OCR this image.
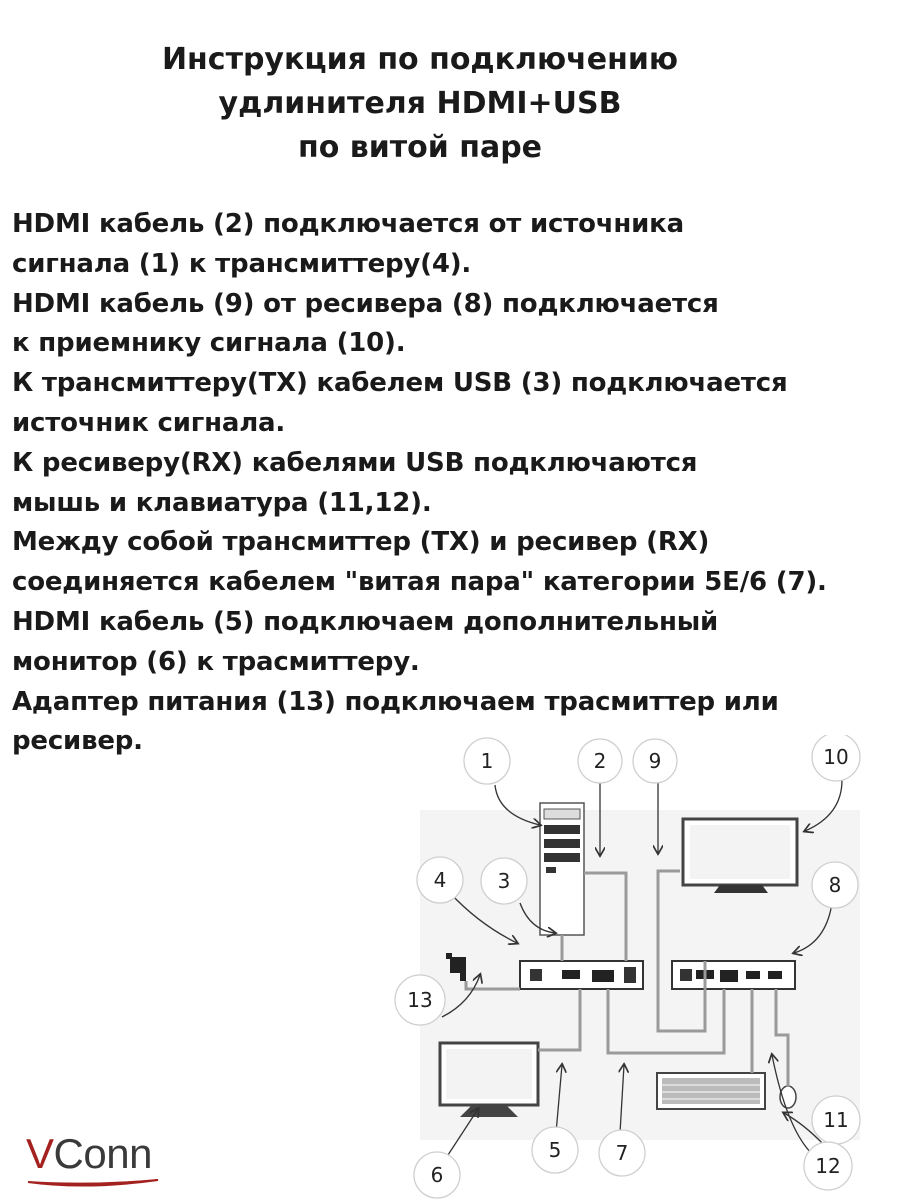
Инструкция по подключению
удлинителя HDMI+USB
по витой паре
HDMI кабель (2) подключается от источника
сигнала (1) к трансмиттеру(4).
HDMI кабель (9) от ресивера (8) подключается
к приемнику сигнала (10).
К трансмиттеру(TX) кабелем USB (3) подключается
источник сигнала.
К ресиверу(RX) кабелями USB подключаются
мышь и клавиатура (11,12).
Между собой трансмиттер (TX) и ресивер (RX)
соединяется кабелем "витая пара" категории 5E/6 (7).
HDMI кабель (5) подключаем дополнительный
монитор (6) к трасмиттеру.
Адаптер питания (13) подключаем трасмиттер или
ресивер.
1	2 9	10
4	3	8
13
11
5	7
6	12
VConn
